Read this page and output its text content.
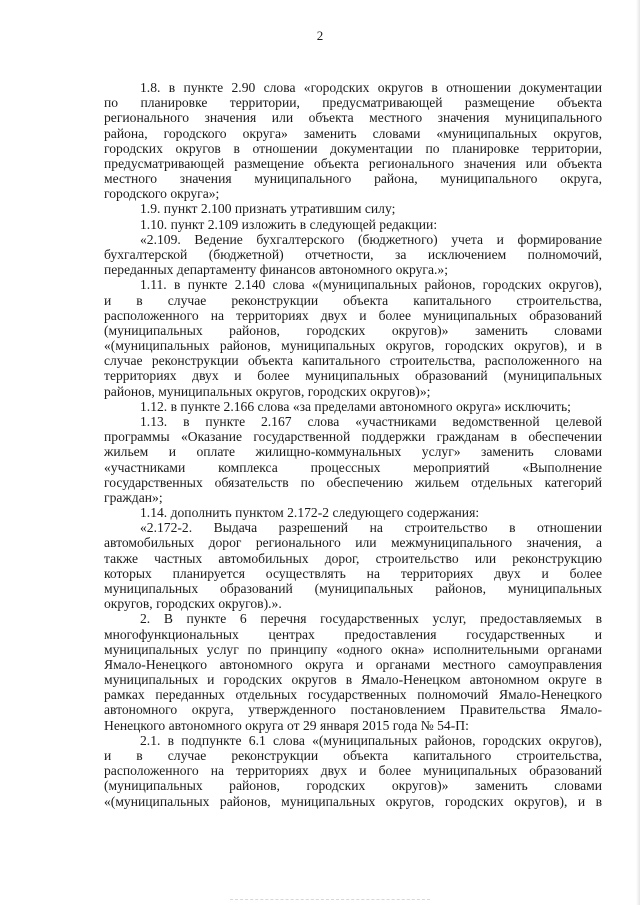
2
1.8. в пункте 2.90 слова «городских округов в отношении документации
по планировке территории, предусматривающей размещение объекта
регионального значения или объекта местного значения муниципального
района, городского округа» заменить словами «муниципальных округов,
городских округов в отношении документации по планировке территории,
предусматривающей размещение объекта регионального значения или объекта
местного значения муниципального района, муниципального округа,
городского округа»;
1.9. пункт 2.100 признать утратившим силу;
1.10. пункт 2.109 изложить в следующей редакции:
«2.109. Ведение бухгалтерского (бюджетного) учета и формирование
бухгалтерской (бюджетной) отчетности, за исключением полномочий,
переданных департаменту финансов автономного округа.»;
1.11. в пункте 2.140 слова «(муниципальных районов, городских округов),
и в случае реконструкции объекта капитального строительства,
расположенного на территориях двух и более муниципальных образований
(муниципальных районов, городских округов)» заменить словами
«(муниципальных районов, муниципальных округов, городских округов), и в
случае реконструкции объекта капитального строительства, расположенного на
территориях двух и более муниципальных образований (муниципальных
районов, муниципальных округов, городских округов)»;
1.12. в пункте 2.166 слова «за пределами автономного округа» исключить;
1.13. в пункте 2.167 слова «участниками ведомственной целевой
программы «Оказание государственной поддержки гражданам в обеспечении
жильем и оплате жилищно-коммунальных услуг» заменить словами
«участниками комплекса процессных мероприятий «Выполнение
государственных обязательств по обеспечению жильем отдельных категорий
граждан»;
1.14. дополнить пунктом 2.172-2 следующего содержания:
«2.172-2. Выдача разрешений на строительство в отношении
автомобильных дорог регионального или межмуниципального значения, а
также частных автомобильных дорог, строительство или реконструкцию
которых планируется осуществлять на территориях двух и более
муниципальных образований (муниципальных районов, муниципальных
округов, городских округов).».
2. В пункте 6 перечня государственных услуг, предоставляемых в
многофункциональных центрах предоставления государственных и
муниципальных услуг по принципу «одного окна» исполнительными органами
Ямало-Ненецкого автономного округа и органами местного самоуправления
муниципальных и городских округов в Ямало-Ненецком автономном округе в
рамках переданных отдельных государственных полномочий Ямало-Ненецкого
автономного округа, утвержденного постановлением Правительства Ямало-
Ненецкого автономного округа от 29 января 2015 года № 54-П:
2.1. в подпункте 6.1 слова «(муниципальных районов, городских округов),
и в случае реконструкции объекта капитального строительства,
расположенного на территориях двух и более муниципальных образований
(муниципальных районов, городских округов)» заменить словами
«(муниципальных районов, муниципальных округов, городских округов), и в
